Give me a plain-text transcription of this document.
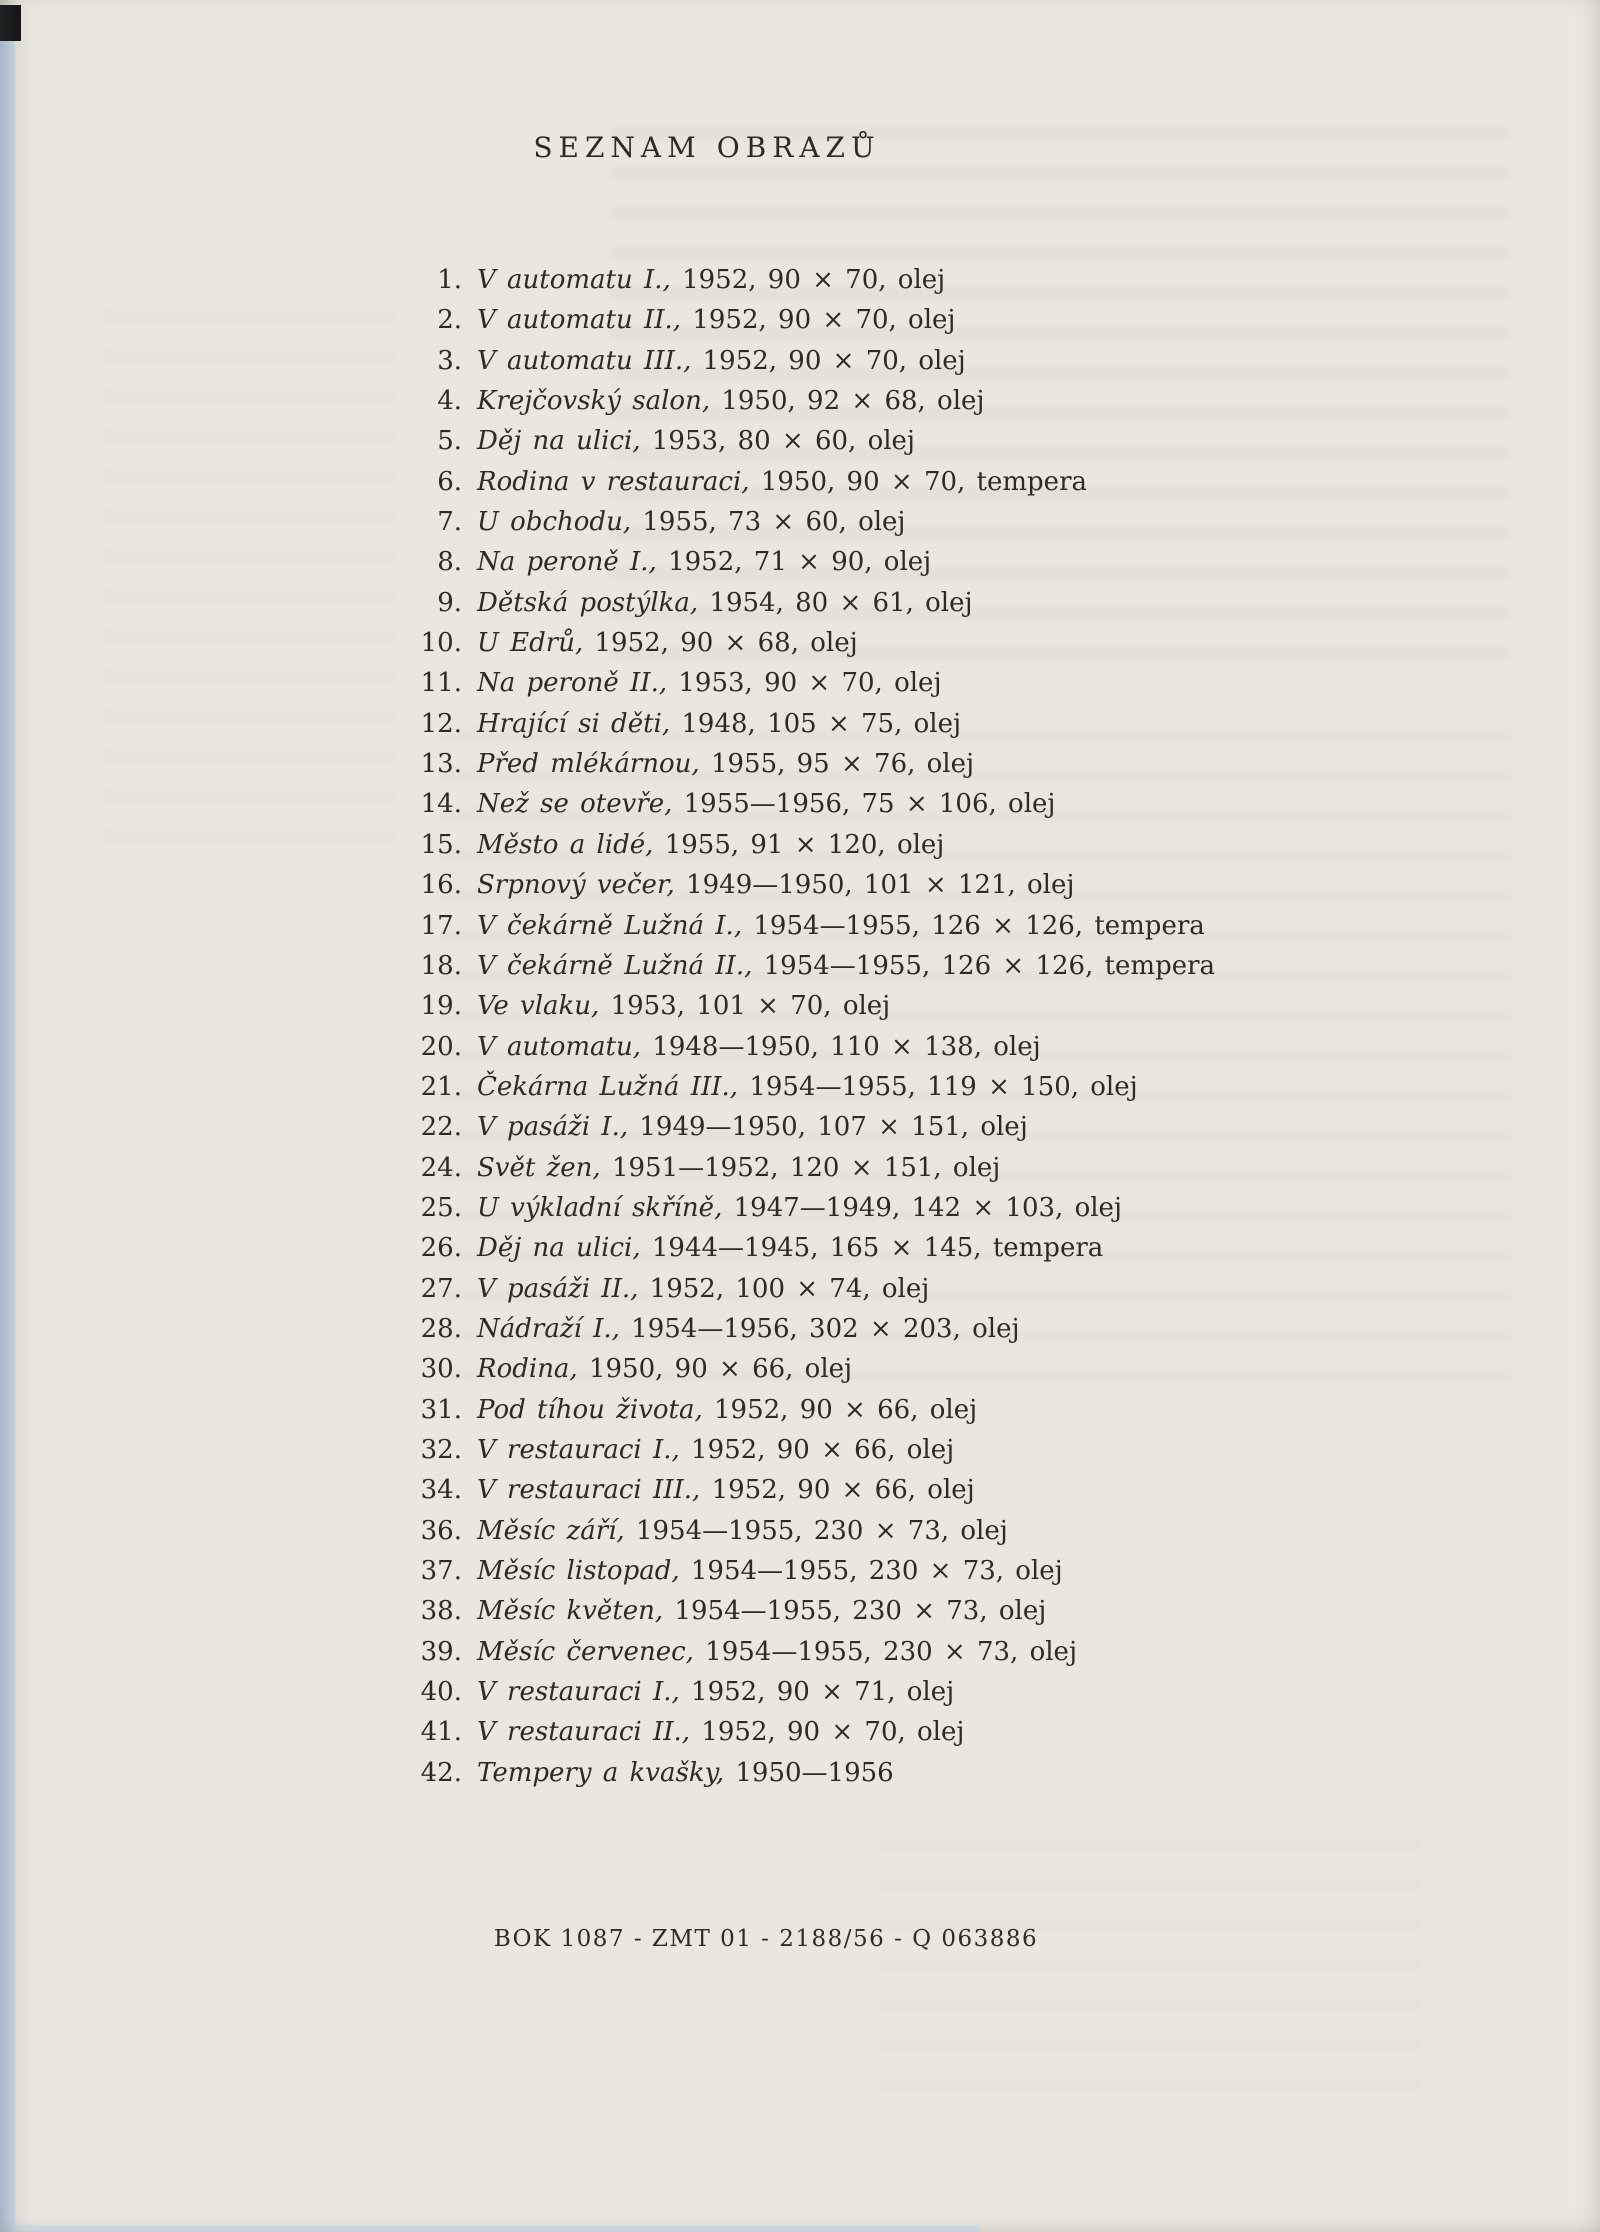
SEZNAM OBRAZŮ
1. V automatu I., 1952, 90 × 70, olej
2. V automatu II., 1952, 90 × 70, olej
3. V automatu III., 1952, 90 × 70, olej
4. Krejčovský salon, 1950, 92 × 68, olej
5. Děj na ulici, 1953, 80 × 60, olej
6. Rodina v restauraci, 1950, 90 × 70, tempera
7. U obchodu, 1955, 73 × 60, olej
8. Na peroně I., 1952, 71 × 90, olej
9. Dětská postýlka, 1954, 80 × 61, olej
10. U Edrů, 1952, 90 × 68, olej
11. Na peroně II., 1953, 90 × 70, olej
12. Hrající si děti, 1948, 105 × 75, olej
13. Před mlékárnou, 1955, 95 × 76, olej
14. Než se otevře, 1955—1956, 75 × 106, olej
15. Město a lidé, 1955, 91 × 120, olej
16. Srpnový večer, 1949—1950, 101 × 121, olej
17. V čekárně Lužná I., 1954—1955, 126 × 126, tempera
18. V čekárně Lužná II., 1954—1955, 126 × 126, tempera
19. Ve vlaku, 1953, 101 × 70, olej
20. V automatu, 1948—1950, 110 × 138, olej
21. Čekárna Lužná III., 1954—1955, 119 × 150, olej
22. V pasáži I., 1949—1950, 107 × 151, olej
24. Svět žen, 1951—1952, 120 × 151, olej
25. U výkladní skříně, 1947—1949, 142 × 103, olej
26. Děj na ulici, 1944—1945, 165 × 145, tempera
27. V pasáži II., 1952, 100 × 74, olej
28. Nádraží I., 1954—1956, 302 × 203, olej
30. Rodina, 1950, 90 × 66, olej
31. Pod tíhou života, 1952, 90 × 66, olej
32. V restauraci I., 1952, 90 × 66, olej
34. V restauraci III., 1952, 90 × 66, olej
36. Měsíc září, 1954—1955, 230 × 73, olej
37. Měsíc listopad, 1954—1955, 230 × 73, olej
38. Měsíc květen, 1954—1955, 230 × 73, olej
39. Měsíc červenec, 1954—1955, 230 × 73, olej
40. V restauraci I., 1952, 90 × 71, olej
41. V restauraci II., 1952, 90 × 70, olej
42. Tempery a kvašky, 1950—1956
BOK 1087 - ZMT 01 - 2188/56 - Q 063886
